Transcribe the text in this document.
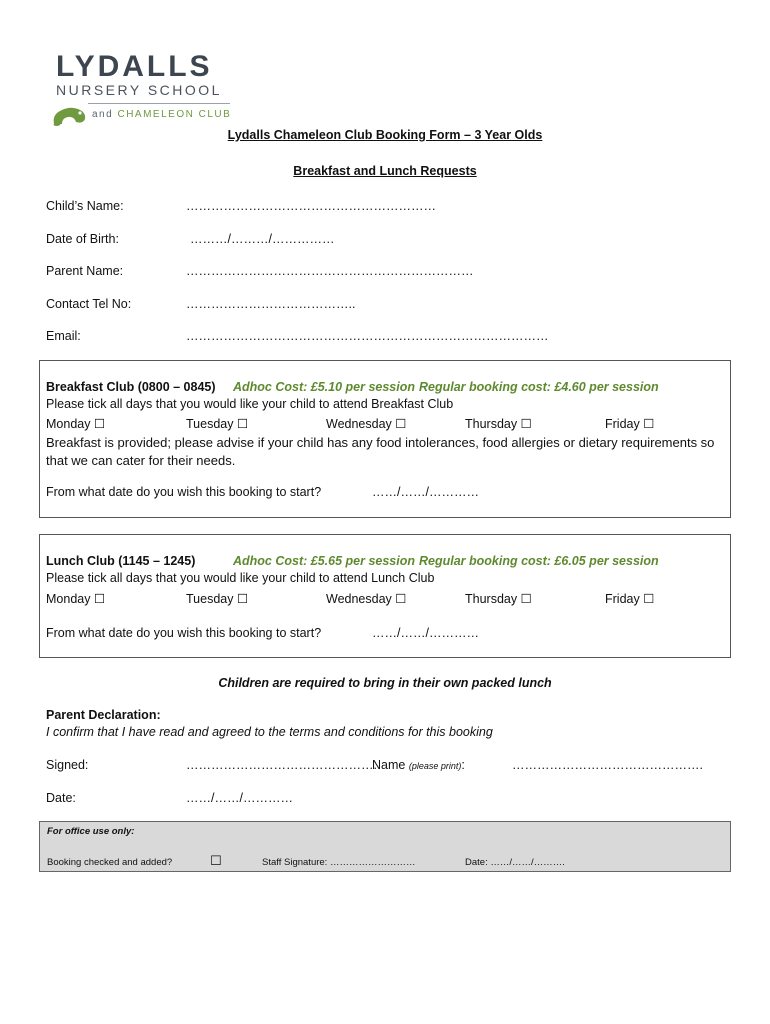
LYDALLS
NURSERY SCHOOL
and CHAMELEON CLUB
Lydalls Chameleon Club Booking Form – 3 Year Olds
Breakfast and Lunch Requests
Child’s Name:	……………………………………………………
Date of Birth:	………/………/……………
Parent Name:	……………………………………………………………
Contact Tel No:	…………………………………..
Email:	……………………………………………………………………………
Breakfast Club (0800 – 0845) Adhoc Cost: £5.10 per session Regular booking cost: £4.60 per session
Please tick all days that you would like your child to attend Breakfast Club
Monday ☐	Tuesday ☐	Wednesday ☐	Thursday ☐	Friday ☐
Breakfast is provided; please advise if your child has any food intolerances, food allergies or dietary requirements so that we can cater for their needs.
From what date do you wish this booking to start?	……/……/…………
Lunch Club (1145 – 1245)	Adhoc Cost: £5.65 per session Regular booking cost: £6.05 per session
Please tick all days that you would like your child to attend Lunch Club
Monday ☐	Tuesday ☐	Wednesday ☐	Thursday ☐	Friday ☐
From what date do you wish this booking to start?	……/……/…………
Children are required to bring in their own packed lunch
Parent Declaration:
I confirm that I have read and agreed to the terms and conditions for this booking
Signed:	……………………………………….
Name (please print):	……………………………………….
Date:	……/……/…………
For office use only:
Booking checked and added?	☐	Staff Signature: ………………………	Date: ……/……/……….
